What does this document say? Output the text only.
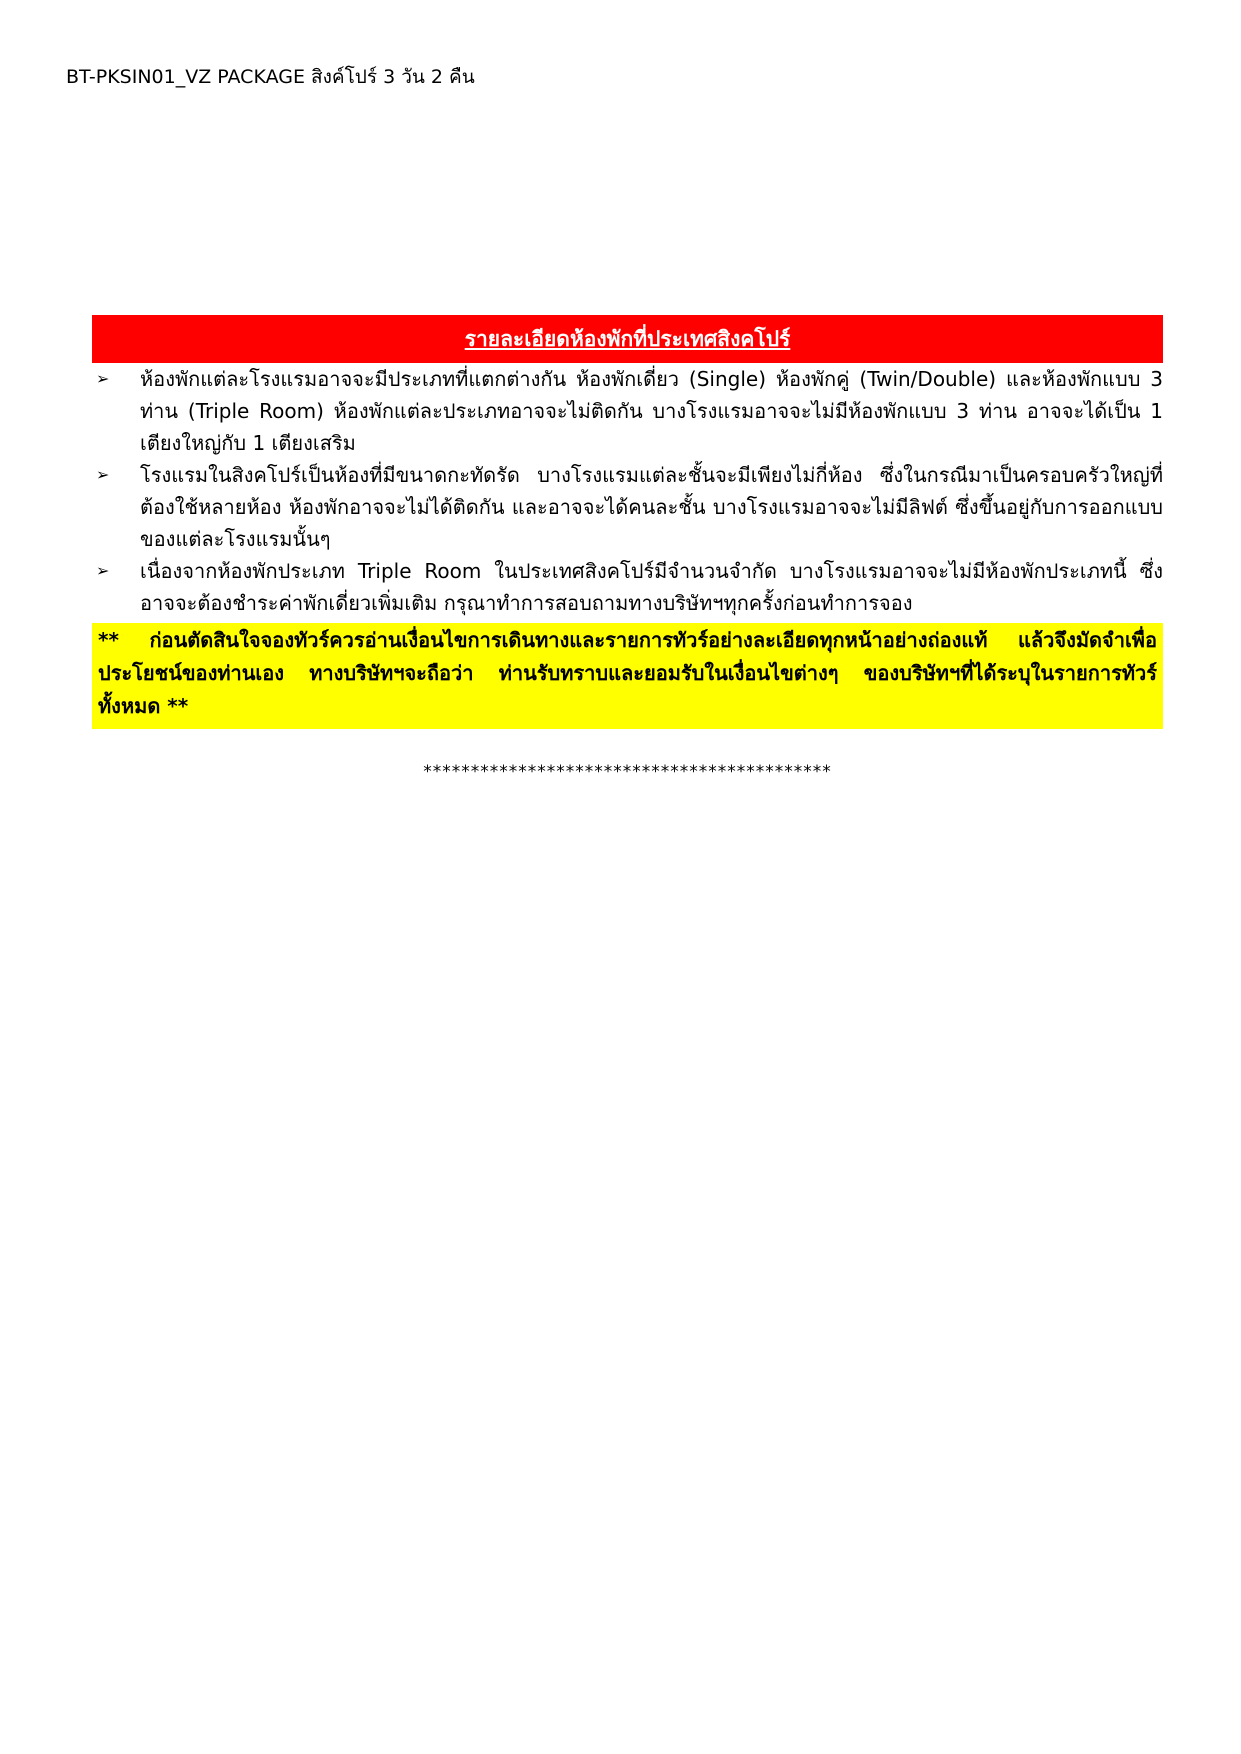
BT-PKSIN01_VZ PACKAGE สิงค์โปร์ 3 วัน 2 คืน
รายละเอียดห้องพักที่ประเทศสิงคโปร์
➢ ห้องพักแต่ละโรงแรมอาจจะมีประเภทที่แตกต่างกัน ห้องพักเดี่ยว (Single) ห้องพักคู่ (Twin/Double) และห้องพักแบบ 3 ท่าน (Triple Room) ห้องพักแต่ละประเภทอาจจะไม่ติดกัน บางโรงแรมอาจจะไม่มีห้องพักแบบ 3 ท่าน อาจจะได้เป็น 1 เตียงใหญ่กับ 1 เตียงเสริม
➢ โรงแรมในสิงคโปร์เป็นห้องที่มีขนาดกะทัดรัด บางโรงแรมแต่ละชั้นจะมีเพียงไม่กี่ห้อง ซึ่งในกรณีมาเป็นครอบครัวใหญ่ที่ต้องใช้หลายห้อง ห้องพักอาจจะไม่ได้ติดกัน และอาจจะได้คนละชั้น บางโรงแรมอาจจะไม่มีลิฟต์ ซึ่งขึ้นอยู่กับการออกแบบของแต่ละโรงแรมนั้นๆ
➢ เนื่องจากห้องพักประเภท Triple Room ในประเทศสิงคโปร์มีจำนวนจำกัด บางโรงแรมอาจจะไม่มีห้องพักประเภทนี้ ซึ่งอาจจะต้องชำระค่าพักเดี่ยวเพิ่มเติม กรุณาทำการสอบถามทางบริษัทฯทุกครั้งก่อนทำการจอง
** ก่อนตัดสินใจจองทัวร์ควรอ่านเงื่อนไขการเดินทางและรายการทัวร์อย่างละเอียดทุกหน้าอย่างถ่องแท้ แล้วจึงมัดจำเพื่อประโยชน์ของท่านเอง ทางบริษัทฯจะถือว่า ท่านรับทราบและยอมรับในเงื่อนไขต่างๆ ของบริษัทฯที่ได้ระบุในรายการทัวร์ทั้งหมด **
*******************************************
